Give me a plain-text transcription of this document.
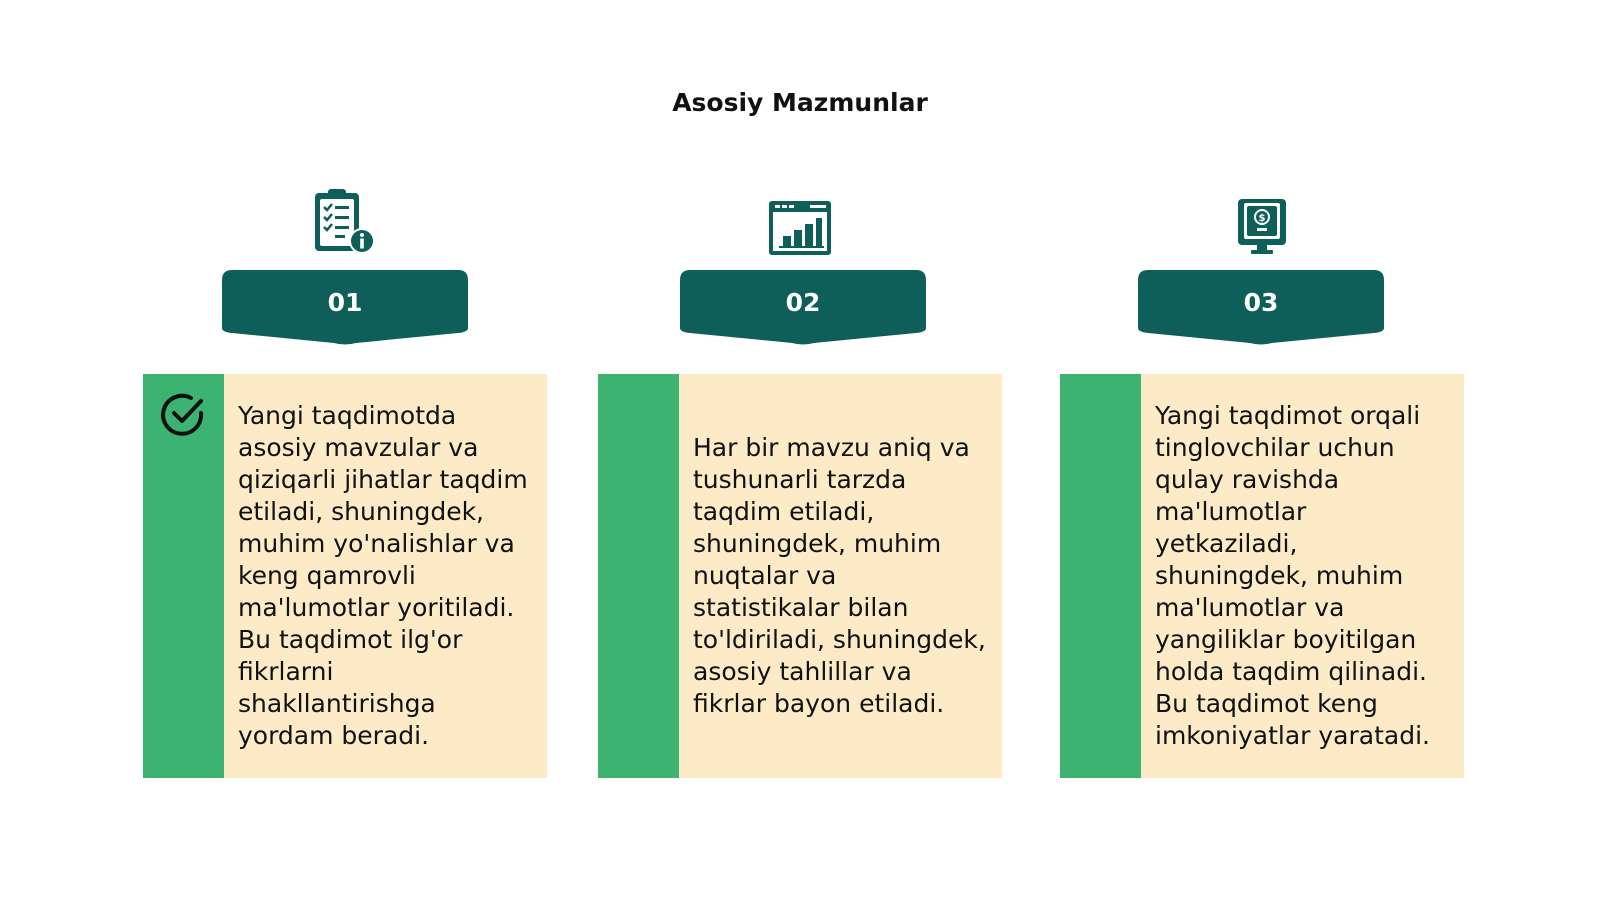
Asosiy Mazmunlar
01
Yangi taqdimotda asosiy mavzular va qiziqarli jihatlar taqdim etiladi, shuningdek, muhim yo'nalishlar va keng qamrovli ma'lumotlar yoritiladi. Bu taqdimot ilg'or fikrlarni shakllantirishga yordam beradi.
02
Har bir mavzu aniq va tushunarli tarzda taqdim etiladi, shuningdek, muhim nuqtalar va statistikalar bilan to'ldiriladi, shuningdek, asosiy tahlillar va fikrlar bayon etiladi.
$
03
Yangi taqdimot orqali tinglovchilar uchun qulay ravishda ma'lumotlar yetkaziladi, shuningdek, muhim ma'lumotlar va yangiliklar boyitilgan holda taqdim qilinadi. Bu taqdimot keng imkoniyatlar yaratadi.
